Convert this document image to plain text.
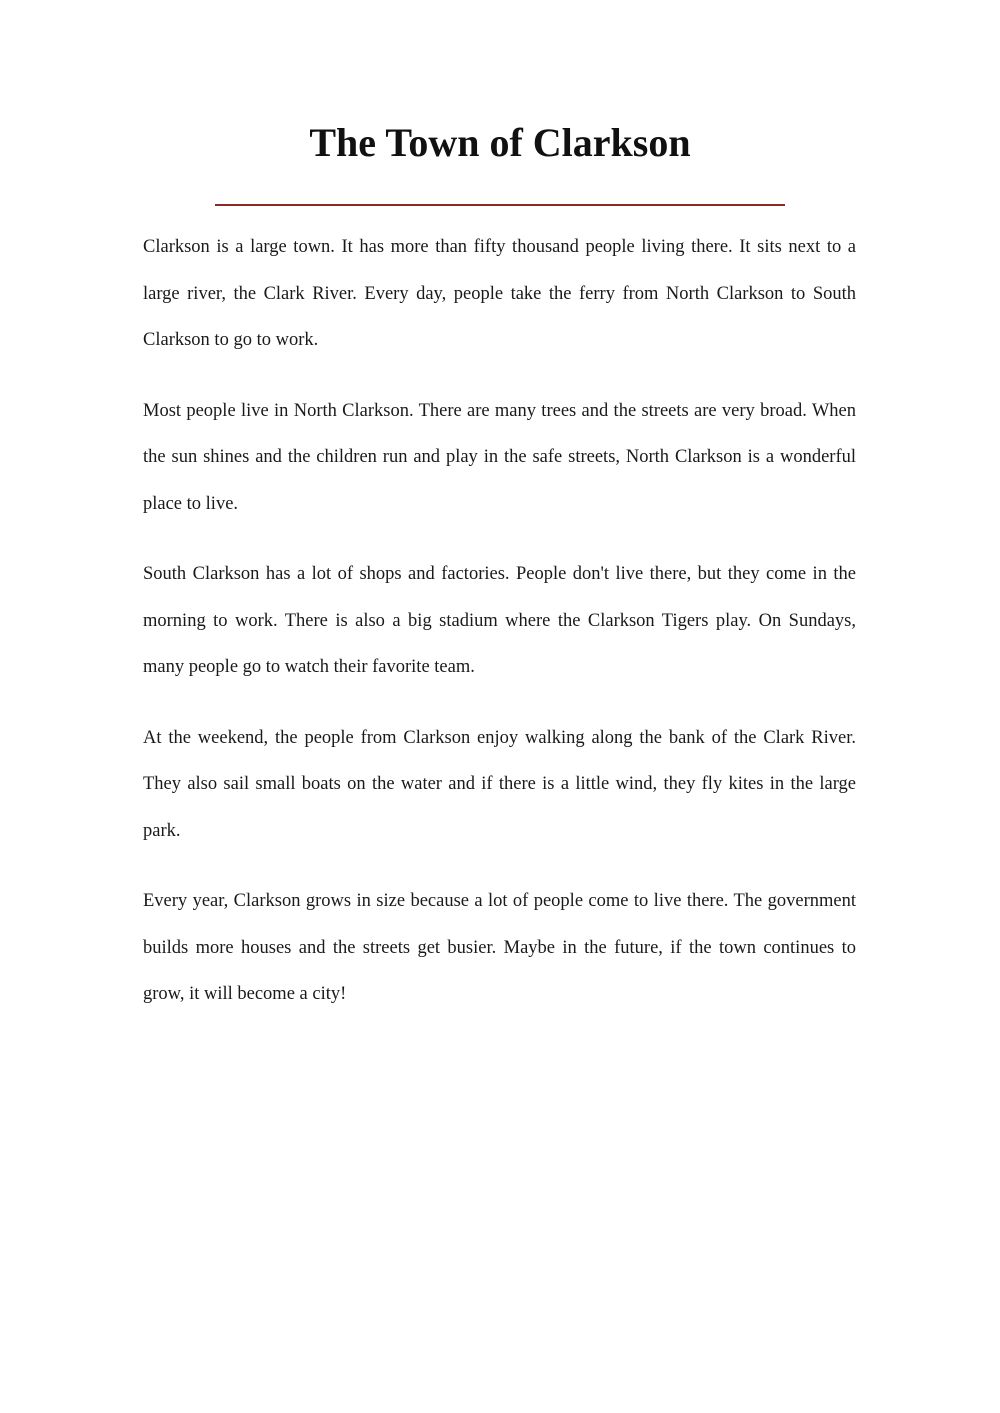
The Town of Clarkson

Clarkson is a large town. It has more than fifty thousand people living there. It sits next to a large river, the Clark River. Every day, people take the ferry from North Clarkson to South Clarkson to go to work.

Most people live in North Clarkson. There are many trees and the streets are very broad. When the sun shines and the children run and play in the safe streets, North Clarkson is a wonderful place to live.

South Clarkson has a lot of shops and factories. People don't live there, but they come in the morning to work. There is also a big stadium where the Clarkson Tigers play. On Sundays, many people go to watch their favorite team.

At the weekend, the people from Clarkson enjoy walking along the bank of the Clark River. They also sail small boats on the water and if there is a little wind, they fly kites in the large park.

Every year, Clarkson grows in size because a lot of people come to live there. The government builds more houses and the streets get busier. Maybe in the future, if the town continues to grow, it will become a city!
